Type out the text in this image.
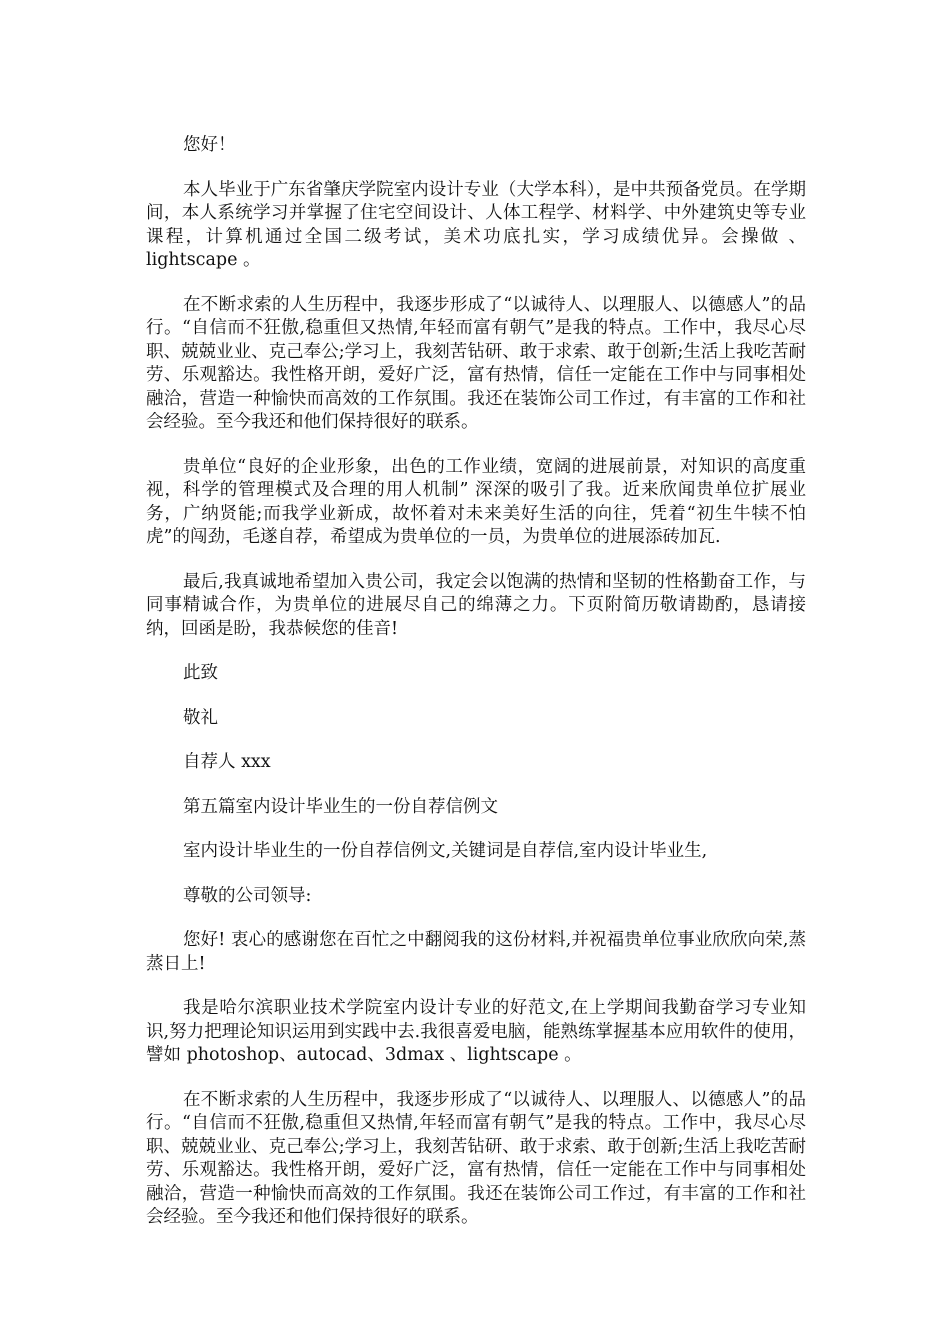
您好！

本人毕业于广东省肇庆学院室内设计专业（大学本科），是中共预备党员。在学期间，本人系统学习并掌握了住宅空间设计、人体工程学、材料学、中外建筑史等专业课程，计算机通过全国二级考试，美术功底扎实，学习成绩优异。会操做 、lightscape 。

在不断求索的人生历程中，我逐步形成了“以诚待人、以理服人、以德感人”的品行。“自信而不狂傲,稳重但又热情,年轻而富有朝气”是我的特点。工作中，我尽心尽职、兢兢业业、克己奉公;学习上，我刻苦钻研、敢于求索、敢于创新;生活上我吃苦耐劳、乐观豁达。我性格开朗，爱好广泛，富有热情，信任一定能在工作中与同事相处融洽，营造一种愉快而高效的工作氛围。我还在装饰公司工作过，有丰富的工作和社会经验。至今我还和他们保持很好的联系。

贵单位“良好的企业形象，出色的工作业绩，宽阔的进展前景，对知识的高度重视，科学的管理模式及合理的用人机制” 深深的吸引了我。近来欣闻贵单位扩展业务，广纳贤能;而我学业新成，故怀着对未来美好生活的向往，凭着“初生牛犊不怕虎”的闯劲，毛遂自荐，希望成为贵单位的一员，为贵单位的进展添砖加瓦.

最后,我真诚地希望加入贵公司，我定会以饱满的热情和坚韧的性格勤奋工作，与同事精诚合作，为贵单位的进展尽自己的绵薄之力。下页附简历敬请勘酌，恳请接纳，回函是盼，我恭候您的佳音!

此致

敬礼

自荐人 xxx

第五篇室内设计毕业生的一份自荐信例文

室内设计毕业生的一份自荐信例文,关键词是自荐信,室内设计毕业生,

尊敬的公司领导:

您好! 衷心的感谢您在百忙之中翻阅我的这份材料,并祝福贵单位事业欣欣向荣,蒸蒸日上!

我是哈尔滨职业技术学院室内设计专业的好范文,在上学期间我勤奋学习专业知识,努力把理论知识运用到实践中去.我很喜爱电脑，能熟练掌握基本应用软件的使用，譬如 photoshop、autocad、3dmax 、lightscape 。

在不断求索的人生历程中，我逐步形成了“以诚待人、以理服人、以德感人”的品行。“自信而不狂傲,稳重但又热情,年轻而富有朝气”是我的特点。工作中，我尽心尽职、兢兢业业、克己奉公;学习上，我刻苦钻研、敢于求索、敢于创新;生活上我吃苦耐劳、乐观豁达。我性格开朗，爱好广泛，富有热情，信任一定能在工作中与同事相处融洽，营造一种愉快而高效的工作氛围。我还在装饰公司工作过，有丰富的工作和社会经验。至今我还和他们保持很好的联系。
